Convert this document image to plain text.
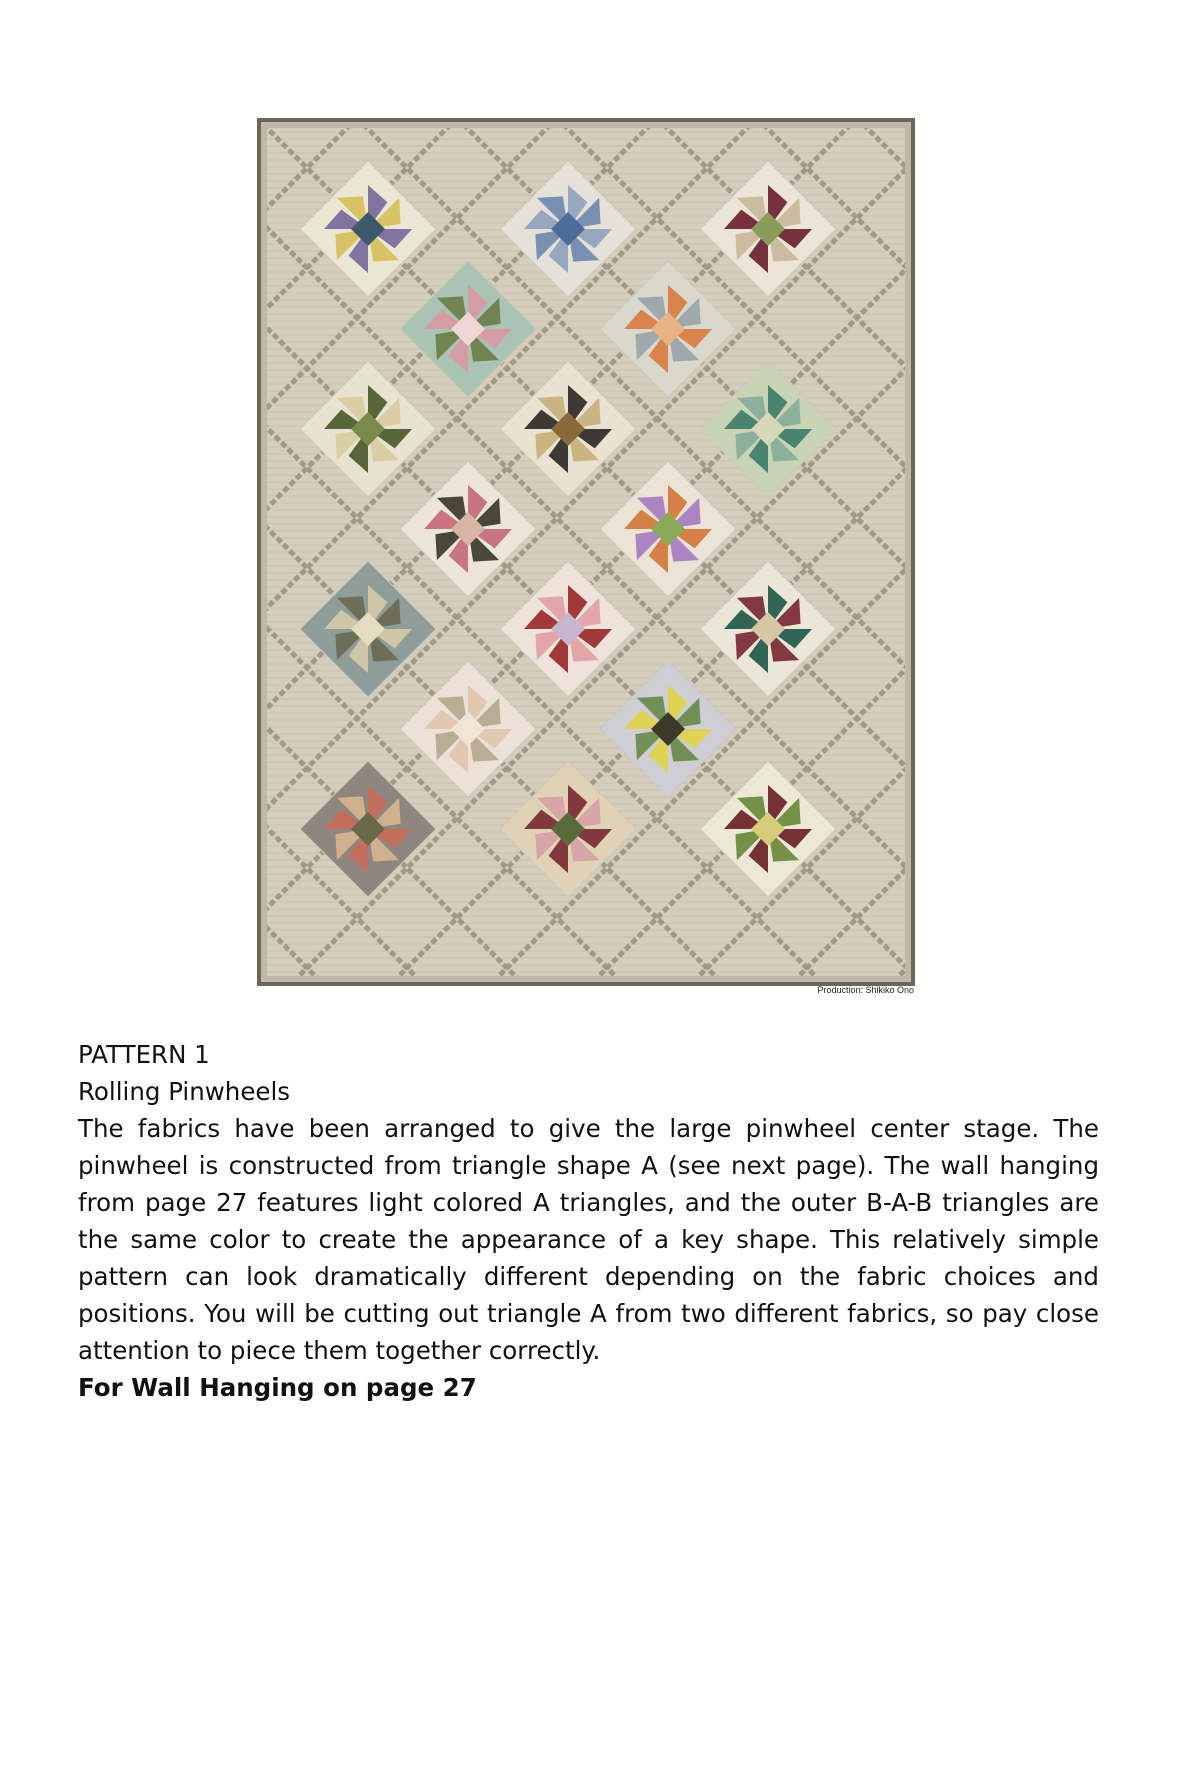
Production: Shikiko Ono

PATTERN 1

Rolling Pinwheels

The fabrics have been arranged to give the large pinwheel center stage. The
pinwheel is constructed from triangle shape A (see next page). The wall hanging
from page 27 features light colored A triangles, and the outer B-A-B triangles are
the same color to create the appearance of a key shape. This relatively simple
pattern can look dramatically different depending on the fabric choices and
positions. You will be cutting out triangle A from two different fabrics, so pay close
attention to piece them together correctly.

For Wall Hanging on page 27
